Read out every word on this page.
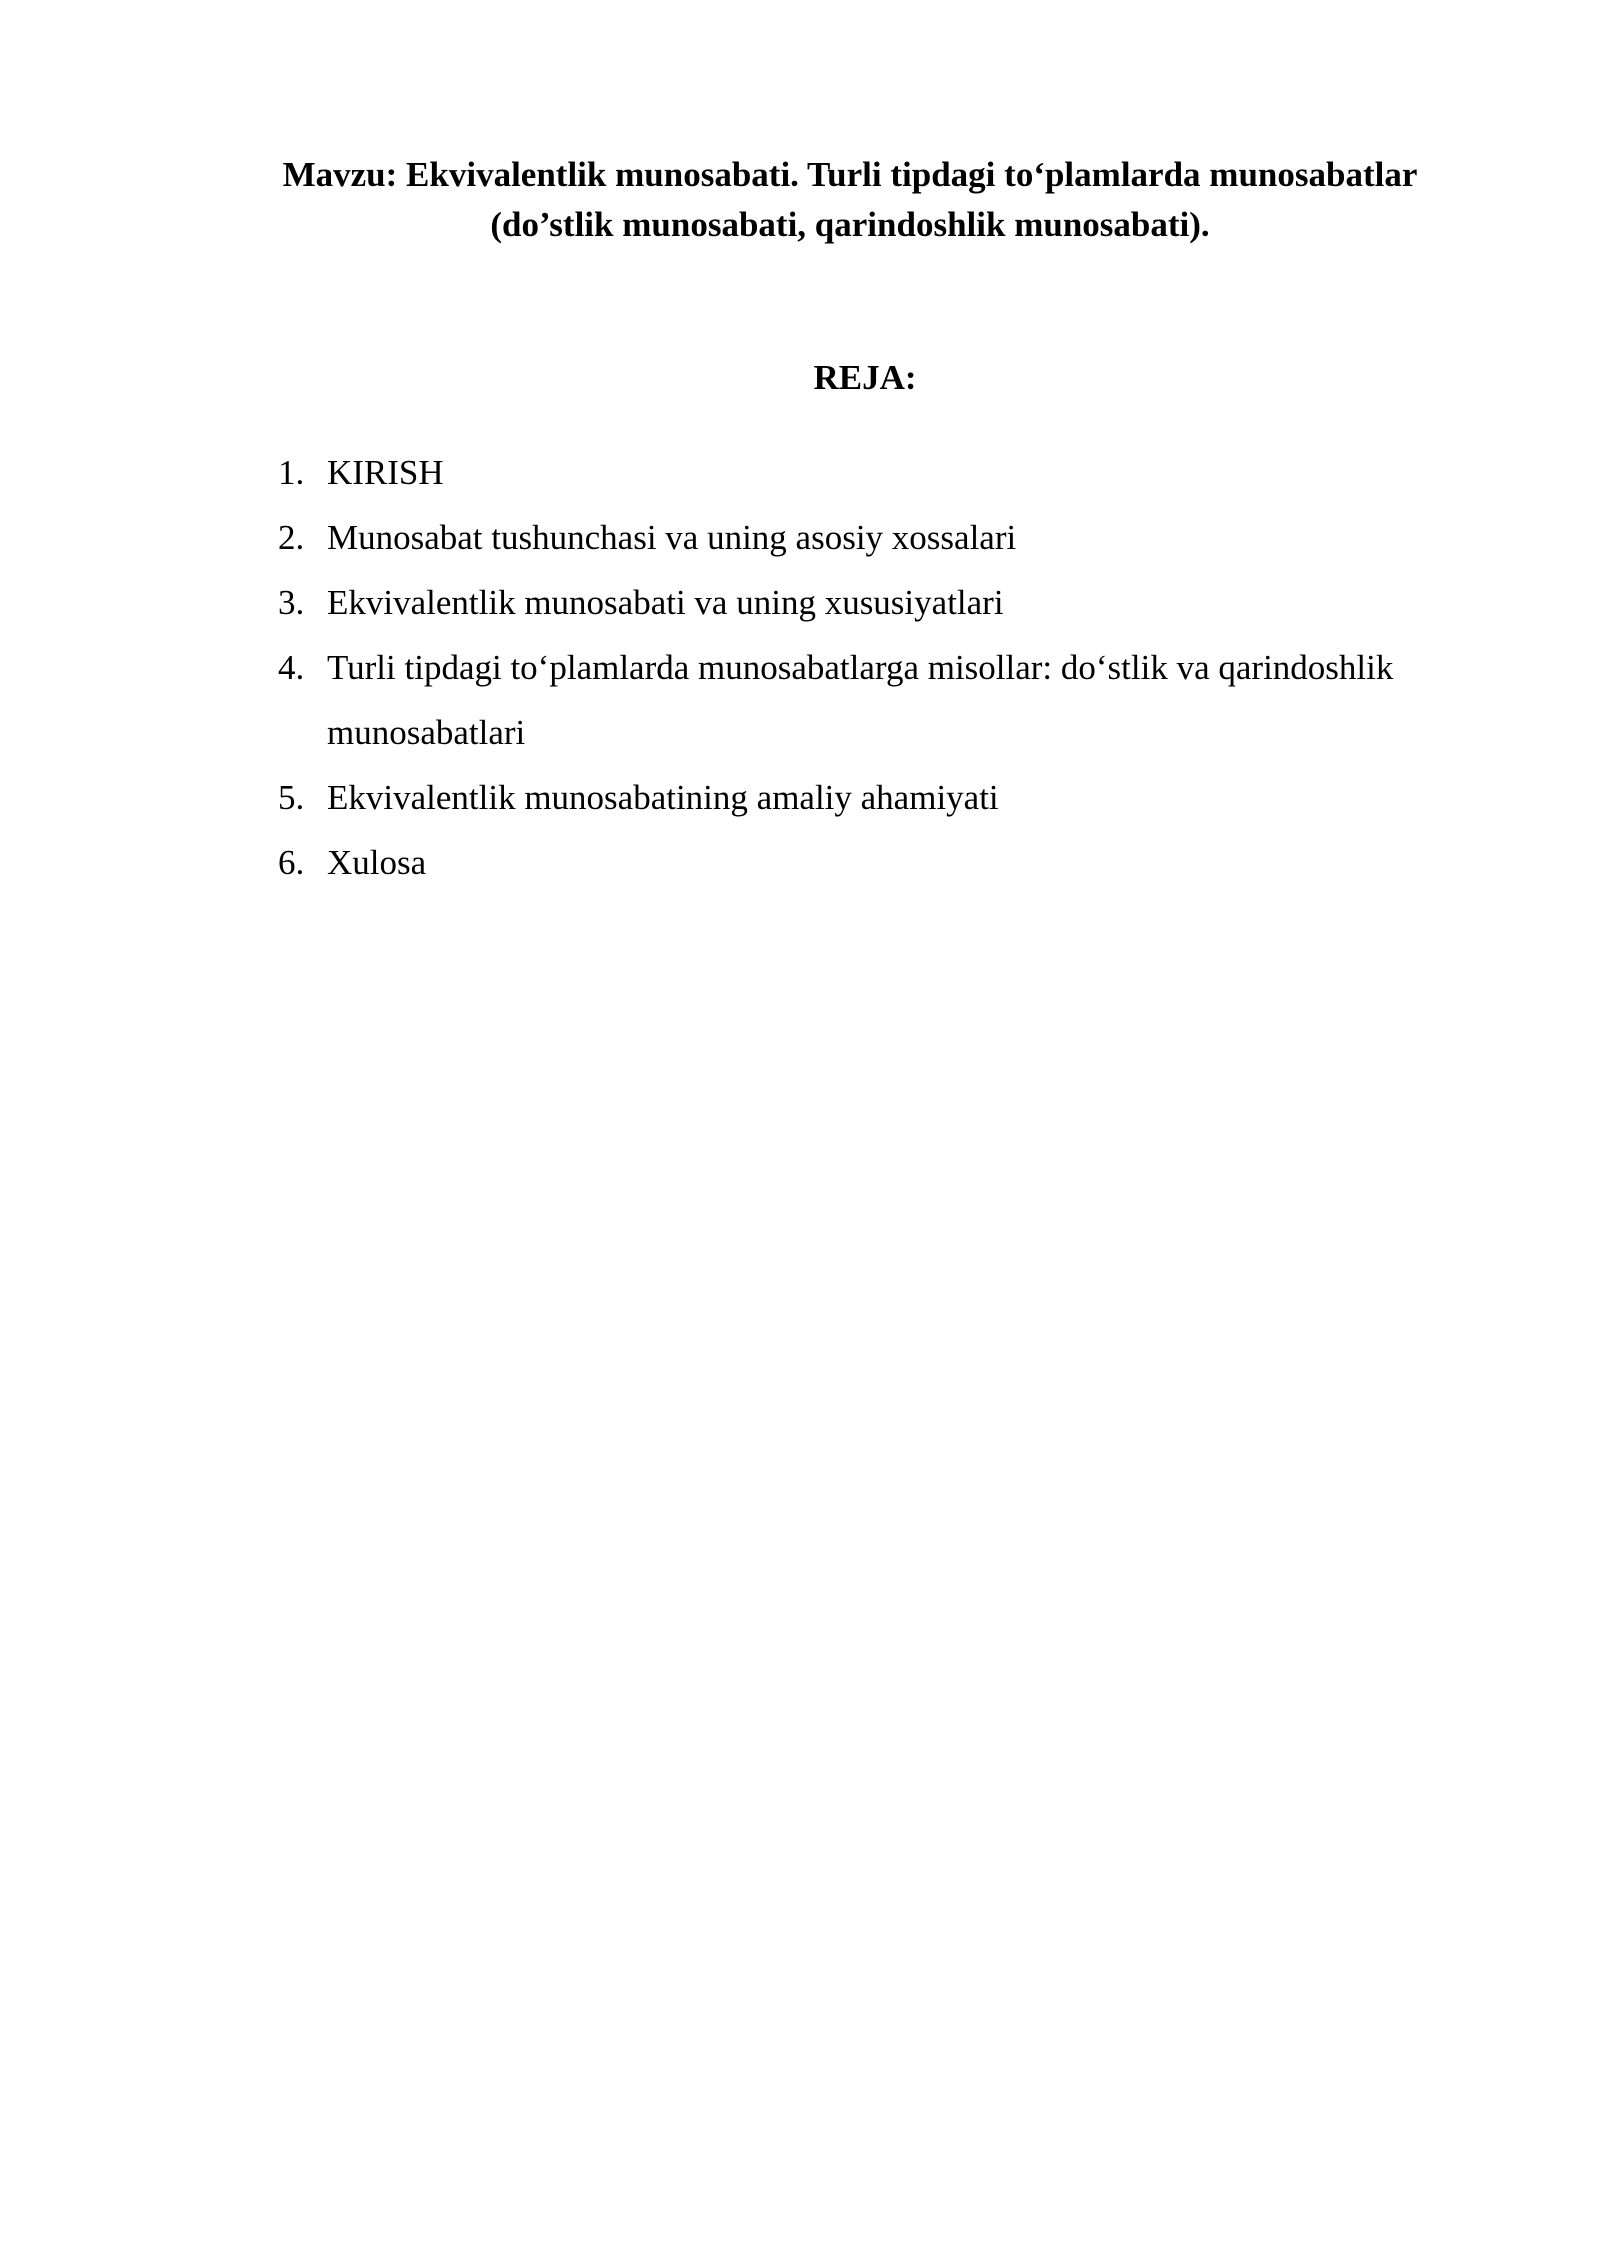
Mavzu: Ekvivalentlik munosabati. Turli tipdagi to‘plamlarda munosabatlar
(do’stlik munosabati, qarindoshlik munosabati).
REJA:
1. KIRISH
2. Munosabat tushunchasi va uning asosiy xossalari
3. Ekvivalentlik munosabati va uning xususiyatlari
4. Turli tipdagi to‘plamlarda munosabatlarga misollar: do‘stlik va qarindoshlik
munosabatlari
5. Ekvivalentlik munosabatining amaliy ahamiyati
6. Xulosa
